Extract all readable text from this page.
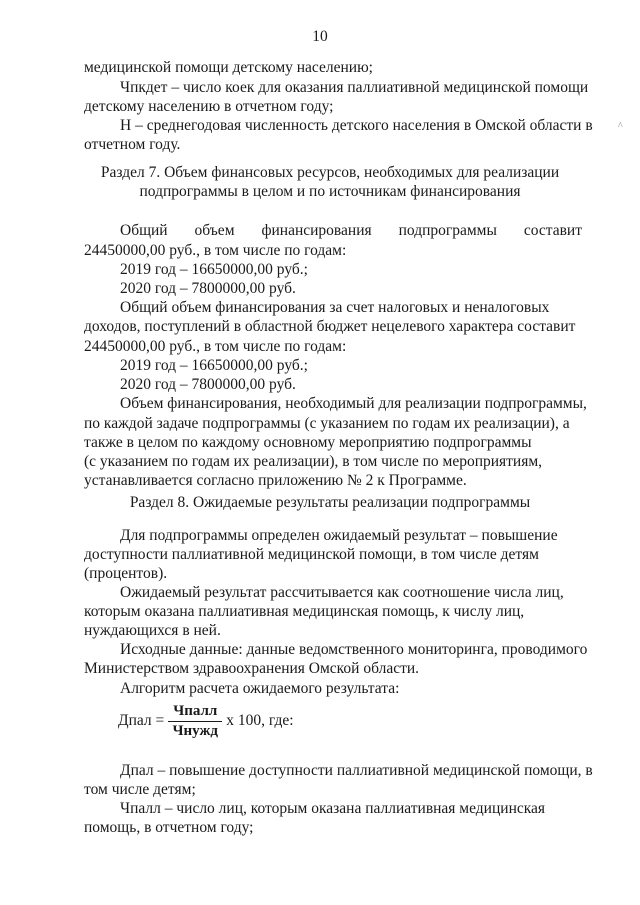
10
^
медицинской помощи детскому населению;
Чпкдет – число коек для оказания паллиативной медицинской помощи
детскому населению в отчетном году;
Н – среднегодовая численность детского населения в Омской области в
отчетном году.
Раздел 7. Объем финансовых ресурсов, необходимых для реализации
подпрограммы в целом и по источникам финансирования
Общий объем финансирования подпрограммы составит
24450000,00 руб., в том числе по годам:
2019 год – 16650000,00 руб.;
2020 год – 7800000,00 руб.
Общий объем финансирования за счет налоговых и неналоговых
доходов, поступлений в областной бюджет нецелевого характера составит
24450000,00 руб., в том числе по годам:
2019 год – 16650000,00 руб.;
2020 год – 7800000,00 руб.
Объем финансирования, необходимый для реализации подпрограммы,
по каждой задаче подпрограммы (с указанием по годам их реализации), а
также в целом по каждому основному мероприятию подпрограммы
(с указанием по годам их реализации), в том числе по мероприятиям,
устанавливается согласно приложению № 2 к Программе.
Раздел 8. Ожидаемые результаты реализации подпрограммы
Для подпрограммы определен ожидаемый результат – повышение
доступности паллиативной медицинской помощи, в том числе детям
(процентов).
Ожидаемый результат рассчитывается как соотношение числа лиц,
которым оказана паллиативная медицинская помощь, к числу лиц,
нуждающихся в ней.
Исходные данные: данные ведомственного мониторинга, проводимого
Министерством здравоохранения Омской области.
Алгоритм расчета ожидаемого результата:
Дпал =
Чпалл
Чнужд
x 100, где:
Дпал – повышение доступности паллиативной медицинской помощи, в
том числе детям;
Чпалл – число лиц, которым оказана паллиативная медицинская
помощь, в отчетном году;
